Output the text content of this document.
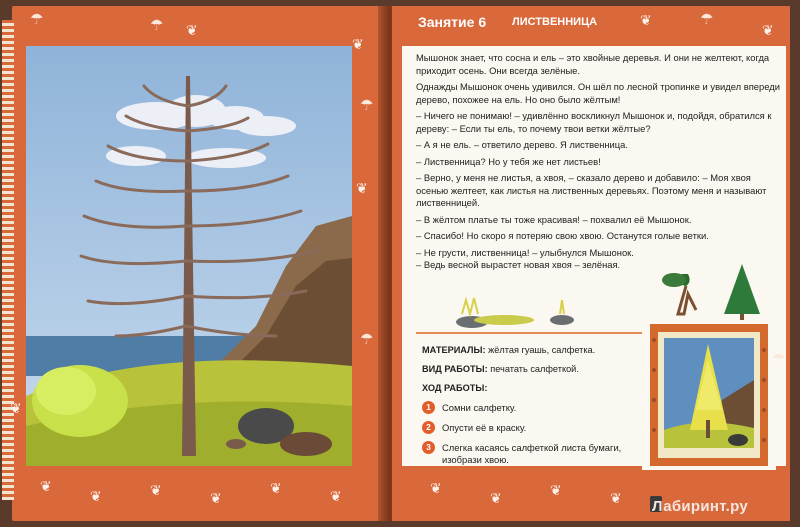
☂
❦
☂
❦
☂
❦
☂
❦
❦
❦	❦	❦
❦	❦
Занятие 6 ЛИСТВЕННИЦА	❦	☂
❦

Мышонок знает, что сосна и ель – это хвойные деревья. И они не желтеют, когда приходит осень. Они всегда зелёные.

Однажды Мышонок очень удивился. Он шёл по лесной тропинке и увидел впереди дерево, похожее на ель. Но оно было жёлтым!

– Ничего не понимаю! – удивлённо воскликнул Мышонок и, подойдя, обратился к дереву: – Если ты ель, то почему твои ветки жёлтые?

– А я не ель. – ответило дерево. Я лиственница.

– Лиственница? Но у тебя же нет листьев!

– Верно, у меня не листья, а хвоя, – сказало дерево и добавило: – Моя хвоя осенью желтеет, как листья на лиственных деревьях. Поэтому меня и называют лиственницей.

– В жёлтом платье ты тоже красивая! – похвалил её Мышонок.

– Спасибо! Но скоро я потеряю свою хвою. Останутся голые ветки.

– Не грусти, лиственница! – улыбнулся Мышонок. – Ведь весной вырастет новая хвоя – зелёная.

МАТЕРИАЛЫ: жёлтая гуашь, салфетка.
ВИД РАБОТЫ: печатать салфеткой.
ХОД РАБОТЫ:
1	Сомни салфетку.
2	Опусти её в краску.
3	Слегка касаясь салфеткой листа бумаги, изобрази хвою.
❦
❦	❦	❦
☂
Лабиринт.ру
